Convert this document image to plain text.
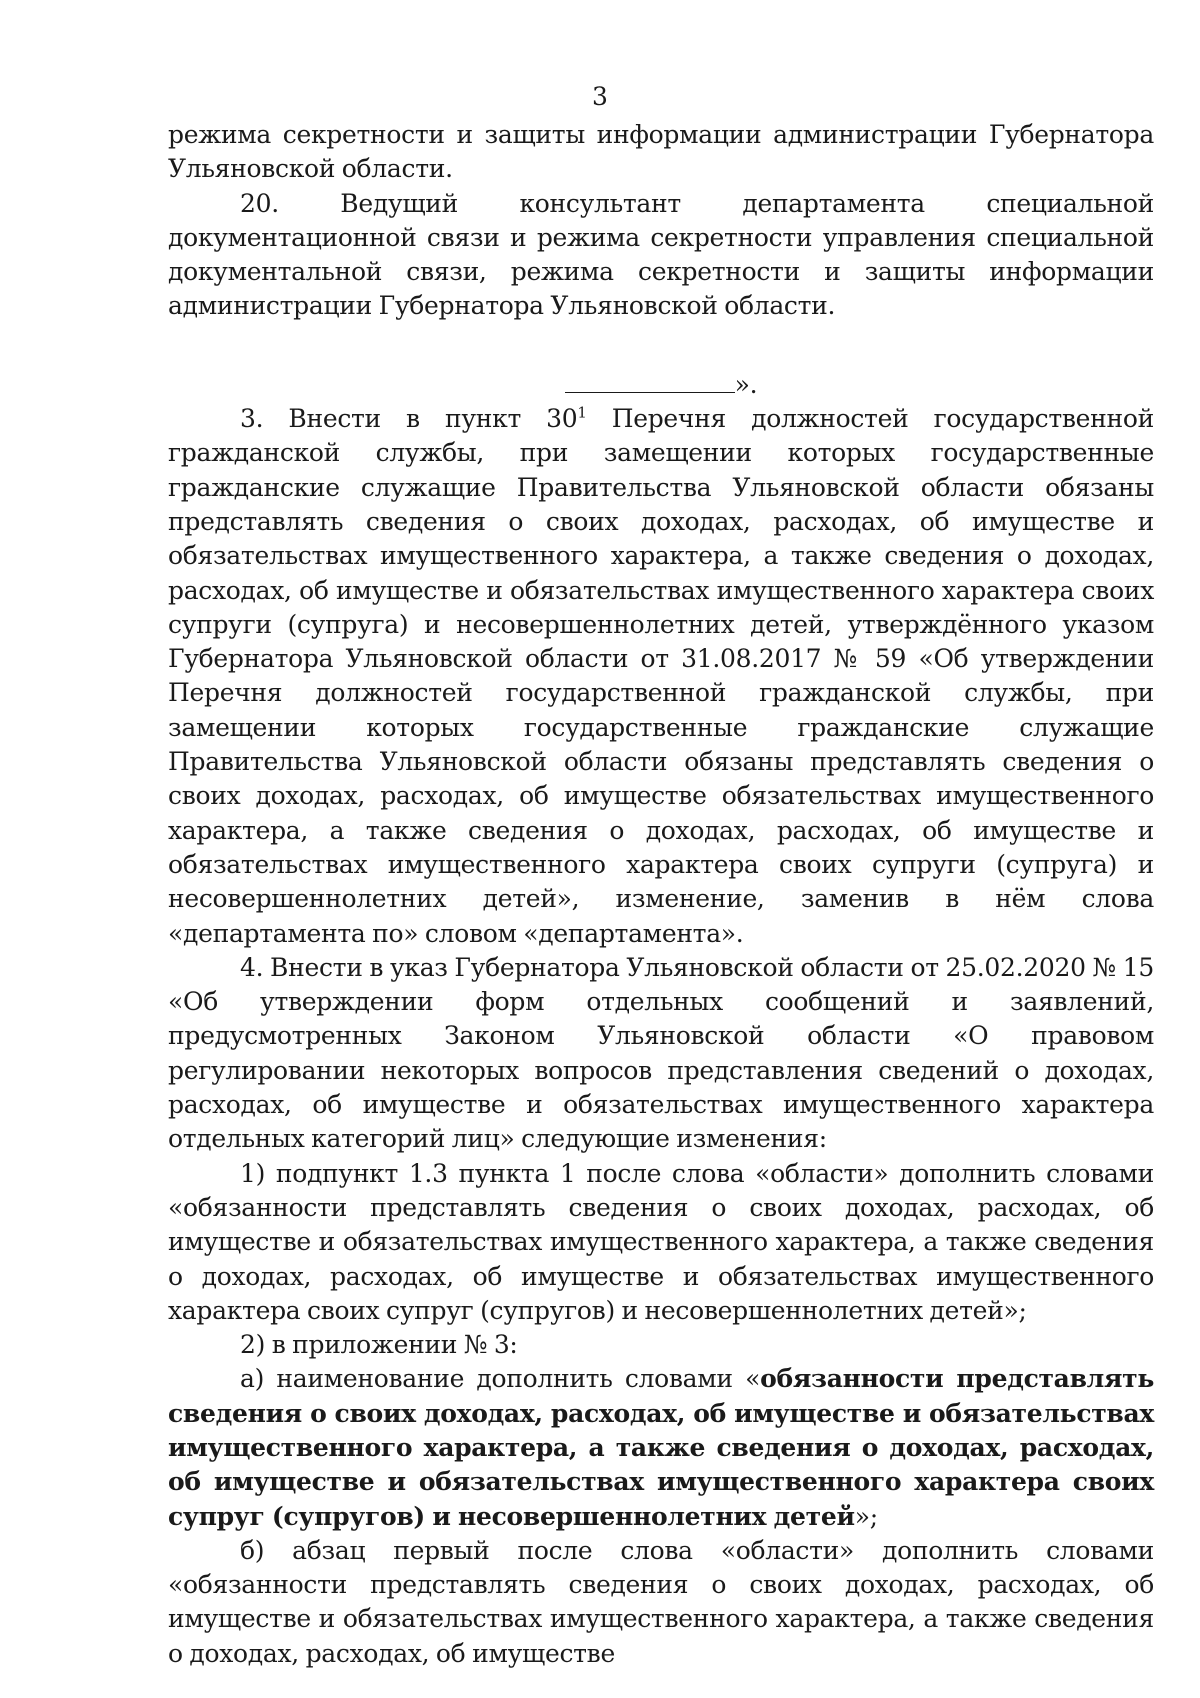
3

режима секретности и защиты информации администрации Губернатора Ульяновской области.

20. Ведущий консультант департамента специальной документационной связи и режима секретности управления специальной документальной связи, режима секретности и защиты информации администрации Губернатора Ульяновской области.

».

3. Внести в пункт $30^1$ Перечня должностей государственной гражданской службы, при замещении которых государственные гражданские служащие Правительства Ульяновской области обязаны представлять сведения о своих доходах, расходах, об имуществе и обязательствах имущественного характера, а также сведения о доходах, расходах, об имуществе и обязательствах имущественного характера своих супруги (супруга) и несовершеннолетних детей, утверждённого указом Губернатора Ульяновской области от 31.08.2017 № 59 «Об утверждении Перечня должностей государственной гражданской службы, при замещении которых государственные гражданские служащие Правительства Ульяновской области обязаны представлять сведения о своих доходах, расходах, об имуществе обязательствах имущественного характера, а также сведения о доходах, расходах, об имуществе и обязательствах имущественного характера своих супруги (супруга) и несовершеннолетних детей», изменение, заменив в нём слова «департамента по» словом «департамента».

4. Внести в указ Губернатора Ульяновской области от 25.02.2020 № 15 «Об утверждении форм отдельных сообщений и заявлений, предусмотренных Законом Ульяновской области «О правовом регулировании некоторых вопросов представления сведений о доходах, расходах, об имуществе и обязательствах имущественного характера отдельных категорий лиц» следующие изменения:

1) подпункт 1.3 пункта 1 после слова «области» дополнить словами «обязанности представлять сведения о своих доходах, расходах, об имуществе и обязательствах имущественного характера, а также сведения о доходах, расходах, об имуществе и обязательствах имущественного характера своих супруг (супругов) и несовершеннолетних детей»;

2) в приложении № 3:

а) наименование дополнить словами «обязанности представлять сведения о своих доходах, расходах, об имуществе и обязательствах имущественного характера, а также сведения о доходах, расходах, об имуществе и обязательствах имущественного характера своих супруг (супругов) и несовершеннолетних детей»;

б) абзац первый после слова «области» дополнить словами «обязанности представлять сведения о своих доходах, расходах, об имуществе и обязательствах имущественного характера, а также сведения о доходах, расходах, об имуществе
